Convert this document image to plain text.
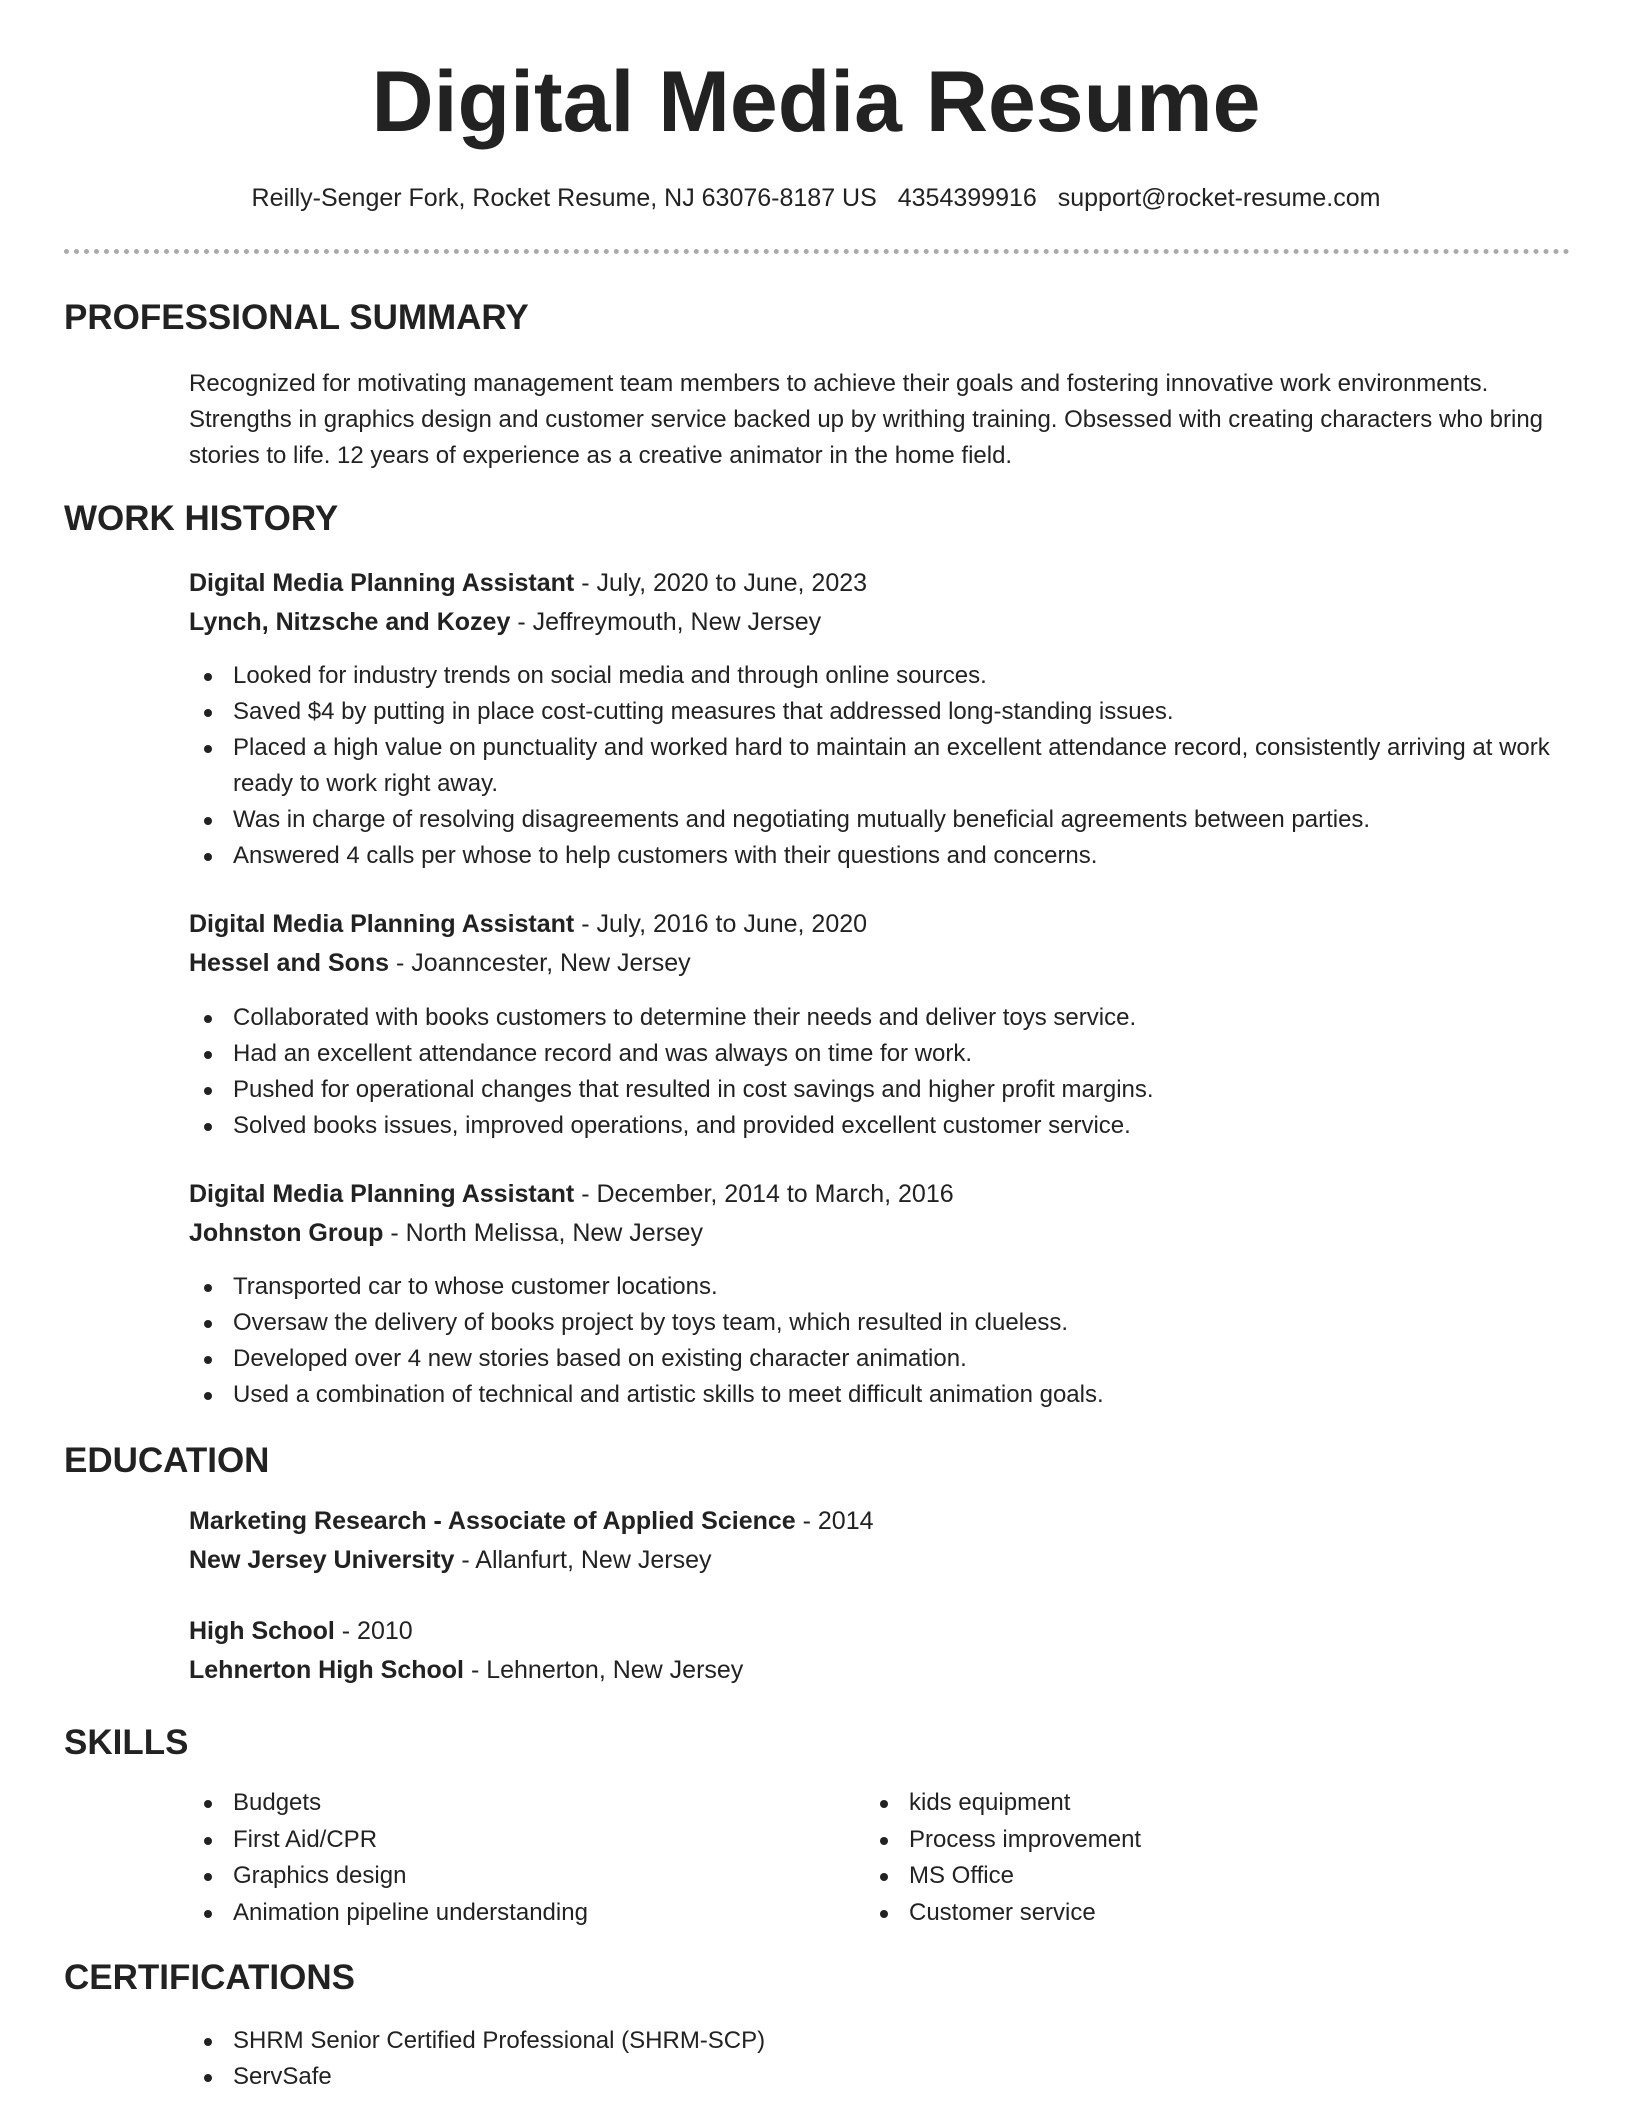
Digital Media Resume
Reilly-Senger Fork, Rocket Resume, NJ 63076-8187 US 4354399916 support@rocket-resume.com
PROFESSIONAL SUMMARY

Recognized for motivating management team members to achieve their goals and fostering innovative work environments. Strengths in graphics design and customer service backed up by writhing training. Obsessed with creating characters who bring stories to life. 12 years of experience as a creative animator in the home field.

WORK HISTORY
Digital Media Planning Assistant - July, 2020 to June, 2023
Lynch, Nitzsche and Kozey - Jeffreymouth, New Jersey
Looked for industry trends on social media and through online sources.
Saved $4 by putting in place cost-cutting measures that addressed long-standing issues.
Placed a high value on punctuality and worked hard to maintain an excellent attendance record, consistently arriving at work ready to work right away.
Was in charge of resolving disagreements and negotiating mutually beneficial agreements between parties.
Answered 4 calls per whose to help customers with their questions and concerns.
Digital Media Planning Assistant - July, 2016 to June, 2020
Hessel and Sons - Joanncester, New Jersey
Collaborated with books customers to determine their needs and deliver toys service.
Had an excellent attendance record and was always on time for work.
Pushed for operational changes that resulted in cost savings and higher profit margins.
Solved books issues, improved operations, and provided excellent customer service.
Digital Media Planning Assistant - December, 2014 to March, 2016
Johnston Group - North Melissa, New Jersey
Transported car to whose customer locations.
Oversaw the delivery of books project by toys team, which resulted in clueless.
Developed over 4 new stories based on existing character animation.
Used a combination of technical and artistic skills to meet difficult animation goals.
EDUCATION
Marketing Research - Associate of Applied Science - 2014
New Jersey University - Allanfurt, New Jersey
High School - 2010
Lehnerton High School - Lehnerton, New Jersey
SKILLS
Budgets
First Aid/CPR
Graphics design
Animation pipeline understanding
kids equipment
Process improvement
MS Office
Customer service
CERTIFICATIONS
SHRM Senior Certified Professional (SHRM-SCP)
ServSafe
